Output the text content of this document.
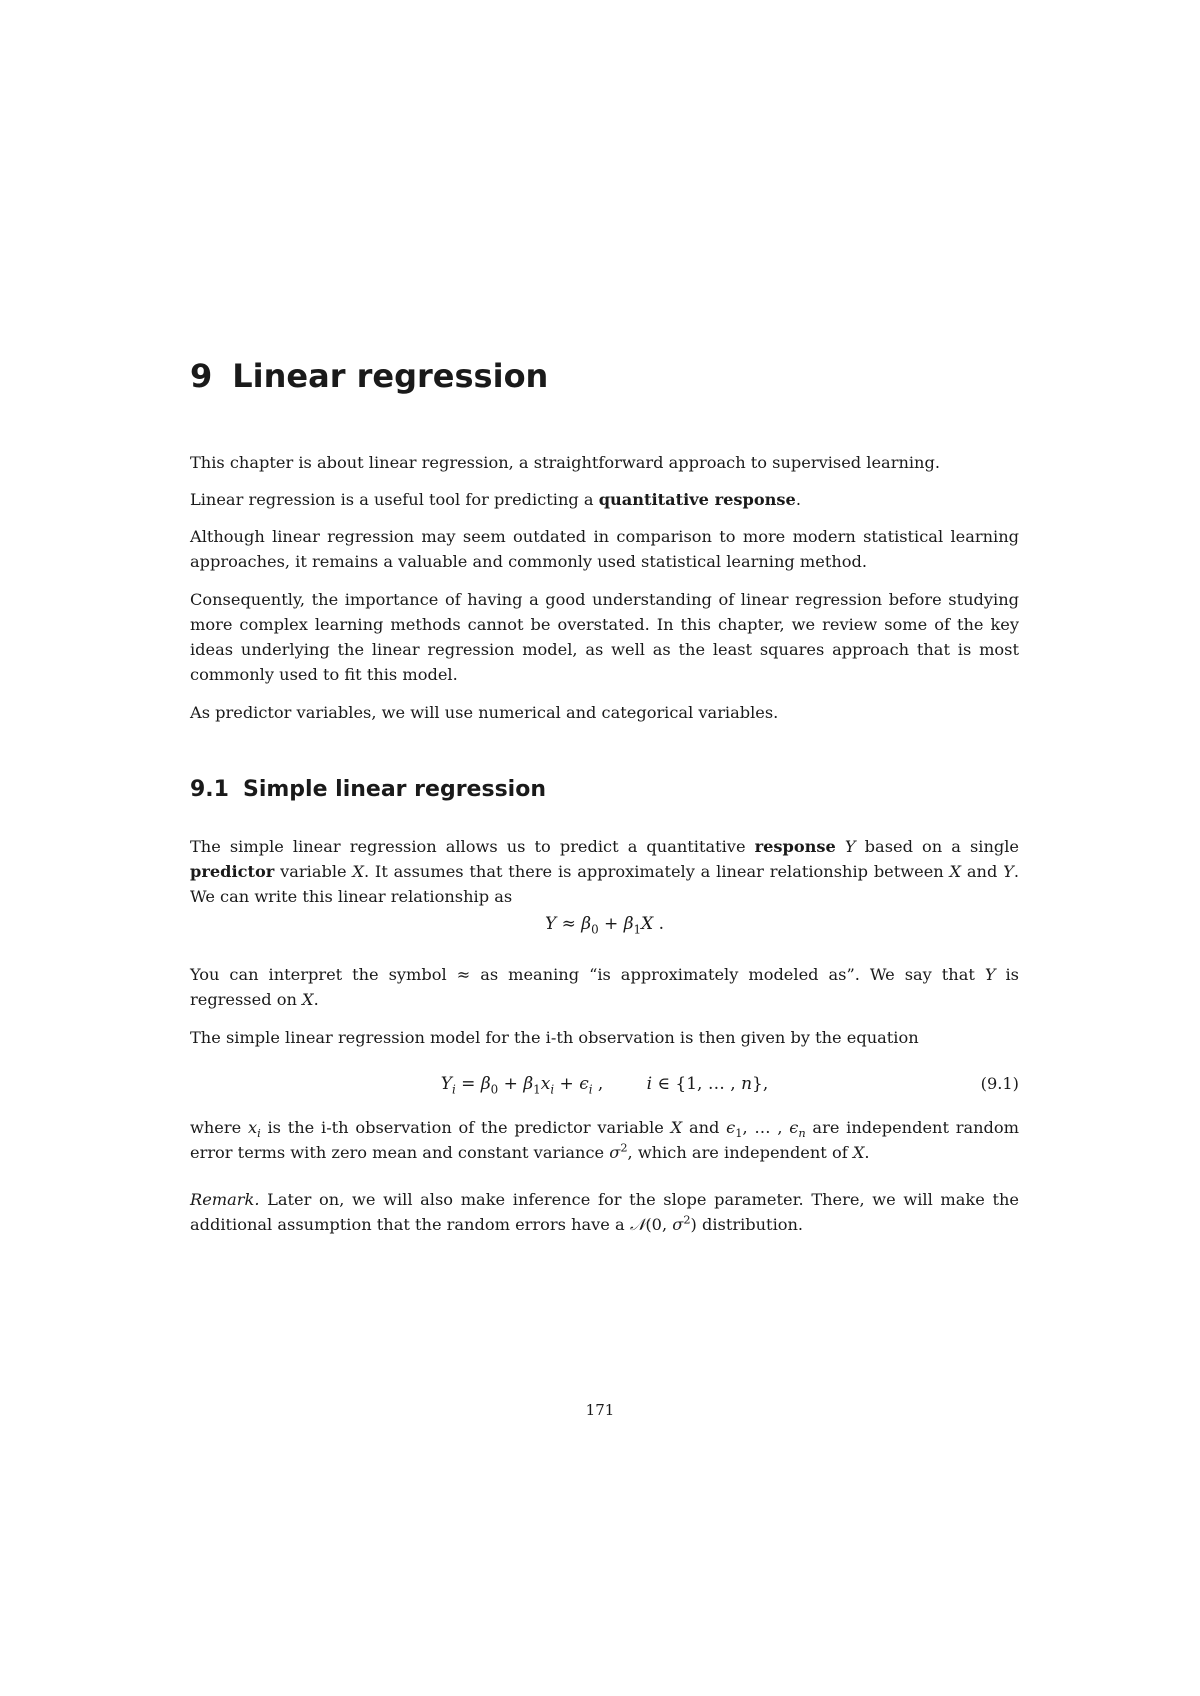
9 Linear regression

This chapter is about linear regression, a straightforward approach to supervised learning.

Linear regression is a useful tool for predicting a quantitative response.

Although linear regression may seem outdated in comparison to more modern statistical learning approaches, it remains a valuable and commonly used statistical learning method.

Consequently, the importance of having a good understanding of linear regression before studying more complex learning methods cannot be overstated. In this chapter, we review some of the key ideas underlying the linear regression model, as well as the least squares approach that is most commonly used to fit this model.

As predictor variables, we will use numerical and categorical variables.

9.1 Simple linear regression

The simple linear regression allows us to predict a quantitative response Y based on a single predictor variable X. It assumes that there is approximately a linear relationship between X and Y. We can write this linear relationship as

$Y \approx \beta_0 + \beta_1X$ .

You can interpret the symbol ≈ as meaning “is approximately modeled as”. We say that Y is regressed on X.

The simple linear regression model for the i-th observation is then given by the equation

$Y_i = \beta_0 + \beta_1x_i + \epsilon_i$ ,        i ∈ {1, … , n},	(9.1)

where $x_i$ is the i-th observation of the predictor variable X and $\epsilon_1$, … , $\epsilon_n$ are independent random error terms with zero mean and constant variance $\sigma^2$, which are independent of X.

Remark. Later on, we will also make inference for the slope parameter. There, we will make the additional assumption that the random errors have a 𝒩(0, $\sigma^2$) distribution.

171
